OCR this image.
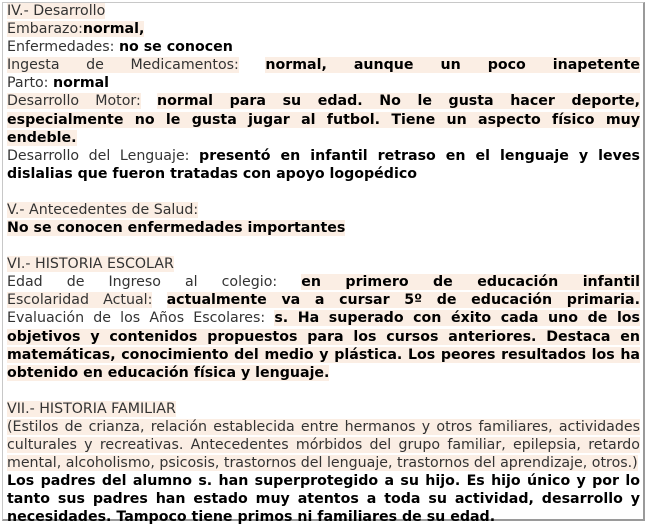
IV.- Desarrollo
Embarazo:normal,
Enfermedades: no se conocen
Ingesta de Medicamentos: normal, aunque un poco inapetente
Parto: normal
Desarrollo Motor: normal para su edad. No le gusta hacer deporte, especialmente no le gusta jugar al futbol. Tiene un aspecto físico muy endeble.
Desarrollo del Lenguaje: presentó en infantil retraso en el lenguaje y leves dislalias que fueron tratadas con apoyo logopédico
V.- Antecedentes de Salud:
No se conocen enfermedades importantes
VI.- HISTORIA ESCOLAR
Edad de Ingreso al colegio: en primero de educación infantil
Escolaridad Actual: actualmente va a cursar 5º de educación primaria.
Evaluación de los Años Escolares: s. Ha superado con éxito cada uno de los objetivos y contenidos propuestos para los cursos anteriores. Destaca en matemáticas, conocimiento del medio y plástica. Los peores resultados los ha obtenido en educación física y lenguaje.
VII.- HISTORIA FAMILIAR
(Estilos de crianza, relación establecida entre hermanos y otros familiares, actividades culturales y recreativas. Antecedentes mórbidos del grupo familiar, epilepsia, retardo mental, alcoholismo, psicosis, trastornos del lenguaje, trastornos del aprendizaje, otros.)
Los padres del alumno s. han superprotegido a su hijo. Es hijo único y por lo tanto sus padres han estado muy atentos a toda su actividad, desarrollo y necesidades. Tampoco tiene primos ni familiares de su edad.
